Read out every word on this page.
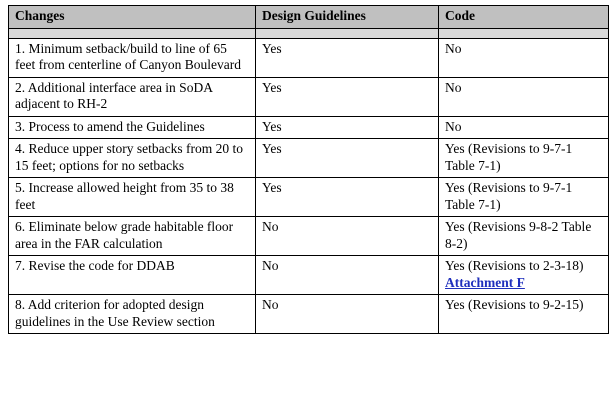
Changes	Design Guidelines	Code

1. Minimum setback/build to line of 65 feet from centerline of Canyon Boulevard	Yes	No
2. Additional interface area in SoDA adjacent to RH-2	Yes	No
3. Process to amend the Guidelines	Yes	No
4. Reduce upper story setbacks from 20 to 15 feet; options for no setbacks	Yes	Yes (Revisions to 9-7-1 Table 7-1)
5. Increase allowed height from 35 to 38 feet	Yes	Yes (Revisions to 9-7-1 Table 7-1)
6. Eliminate below grade habitable floor area in the FAR calculation	No	Yes (Revisions 9-8-2 Table 8-2)
7. Revise the code for DDAB	No	Yes (Revisions to 2-3-18) Attachment F
8. Add criterion for adopted design guidelines in the Use Review section	No	Yes (Revisions to 9-2-15)
